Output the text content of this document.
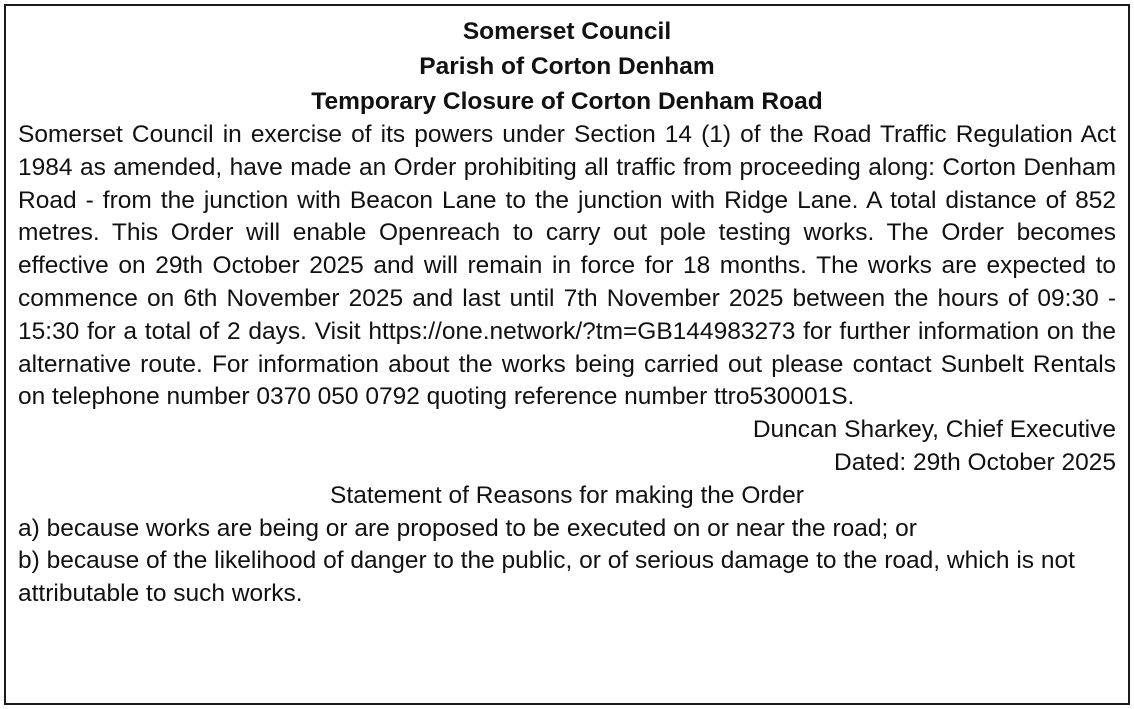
Somerset Council

Parish of Corton Denham

Temporary Closure of Corton Denham Road

Somerset Council in exercise of its powers under Section 14 (1) of the Road Traffic Regulation Act 1984 as amended, have made an Order prohibiting all traffic from proceeding along: Corton Denham Road - from the junction with Beacon Lane to the junction with Ridge Lane. A total distance of 852 metres. This Order will enable Openreach to carry out pole testing works. The Order becomes effective on 29th October 2025 and will remain in force for 18 months. The works are expected to commence on 6th November 2025 and last until 7th November 2025 between the hours of 09:30 - 15:30 for a total of 2 days. Visit https://one.network/?tm=GB144983273 for further information on the alternative route. For information about the works being carried out please contact Sunbelt Rentals on telephone number 0370 050 0792 quoting reference number ttro530001S.

Duncan Sharkey, Chief Executive

Dated: 29th October 2025

Statement of Reasons for making the Order

a) because works are being or are proposed to be executed on or near the road; or

b) because of the likelihood of danger to the public, or of serious damage to the road, which is not attributable to such works.
